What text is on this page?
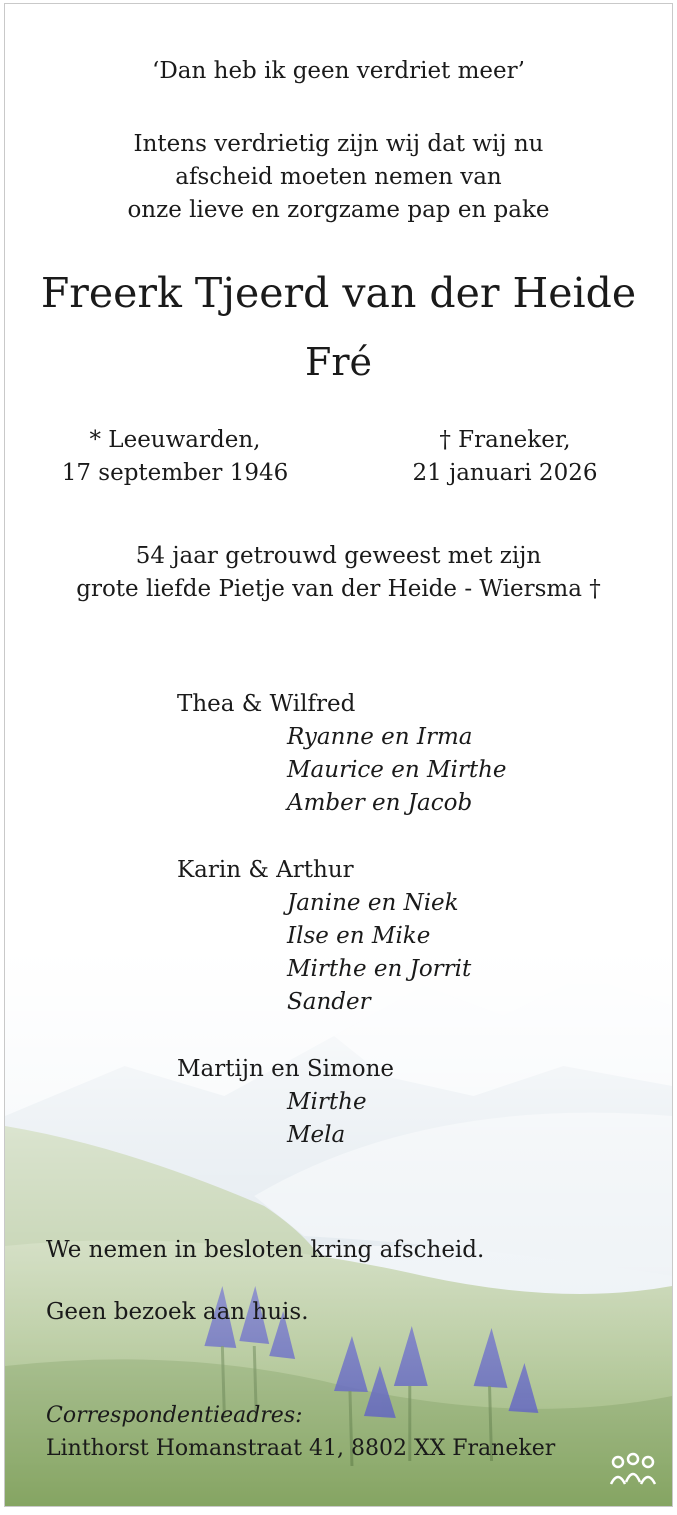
‘Dan heb ik geen verdriet meer’
Intens verdrietig zijn wij dat wij nu
afscheid moeten nemen van
onze lieve en zorgzame pap en pake
Freerk Tjeerd van der Heide
Fré
* Leeuwarden,
17 september 1946
† Franeker,
21 januari 2026
54 jaar getrouwd geweest met zijn
grote liefde Pietje van der Heide - Wiersma †
Thea & Wilfred
Ryanne en Irma
Maurice en Mirthe
Amber en Jacob
Karin & Arthur
Janine en Niek
Ilse en Mike
Mirthe en Jorrit
Sander
Martijn en Simone
Mirthe
Mela
We nemen in besloten kring afscheid.
Geen bezoek aan huis.
Correspondentieadres:
Linthorst Homanstraat 41, 8802 XX Franeker
